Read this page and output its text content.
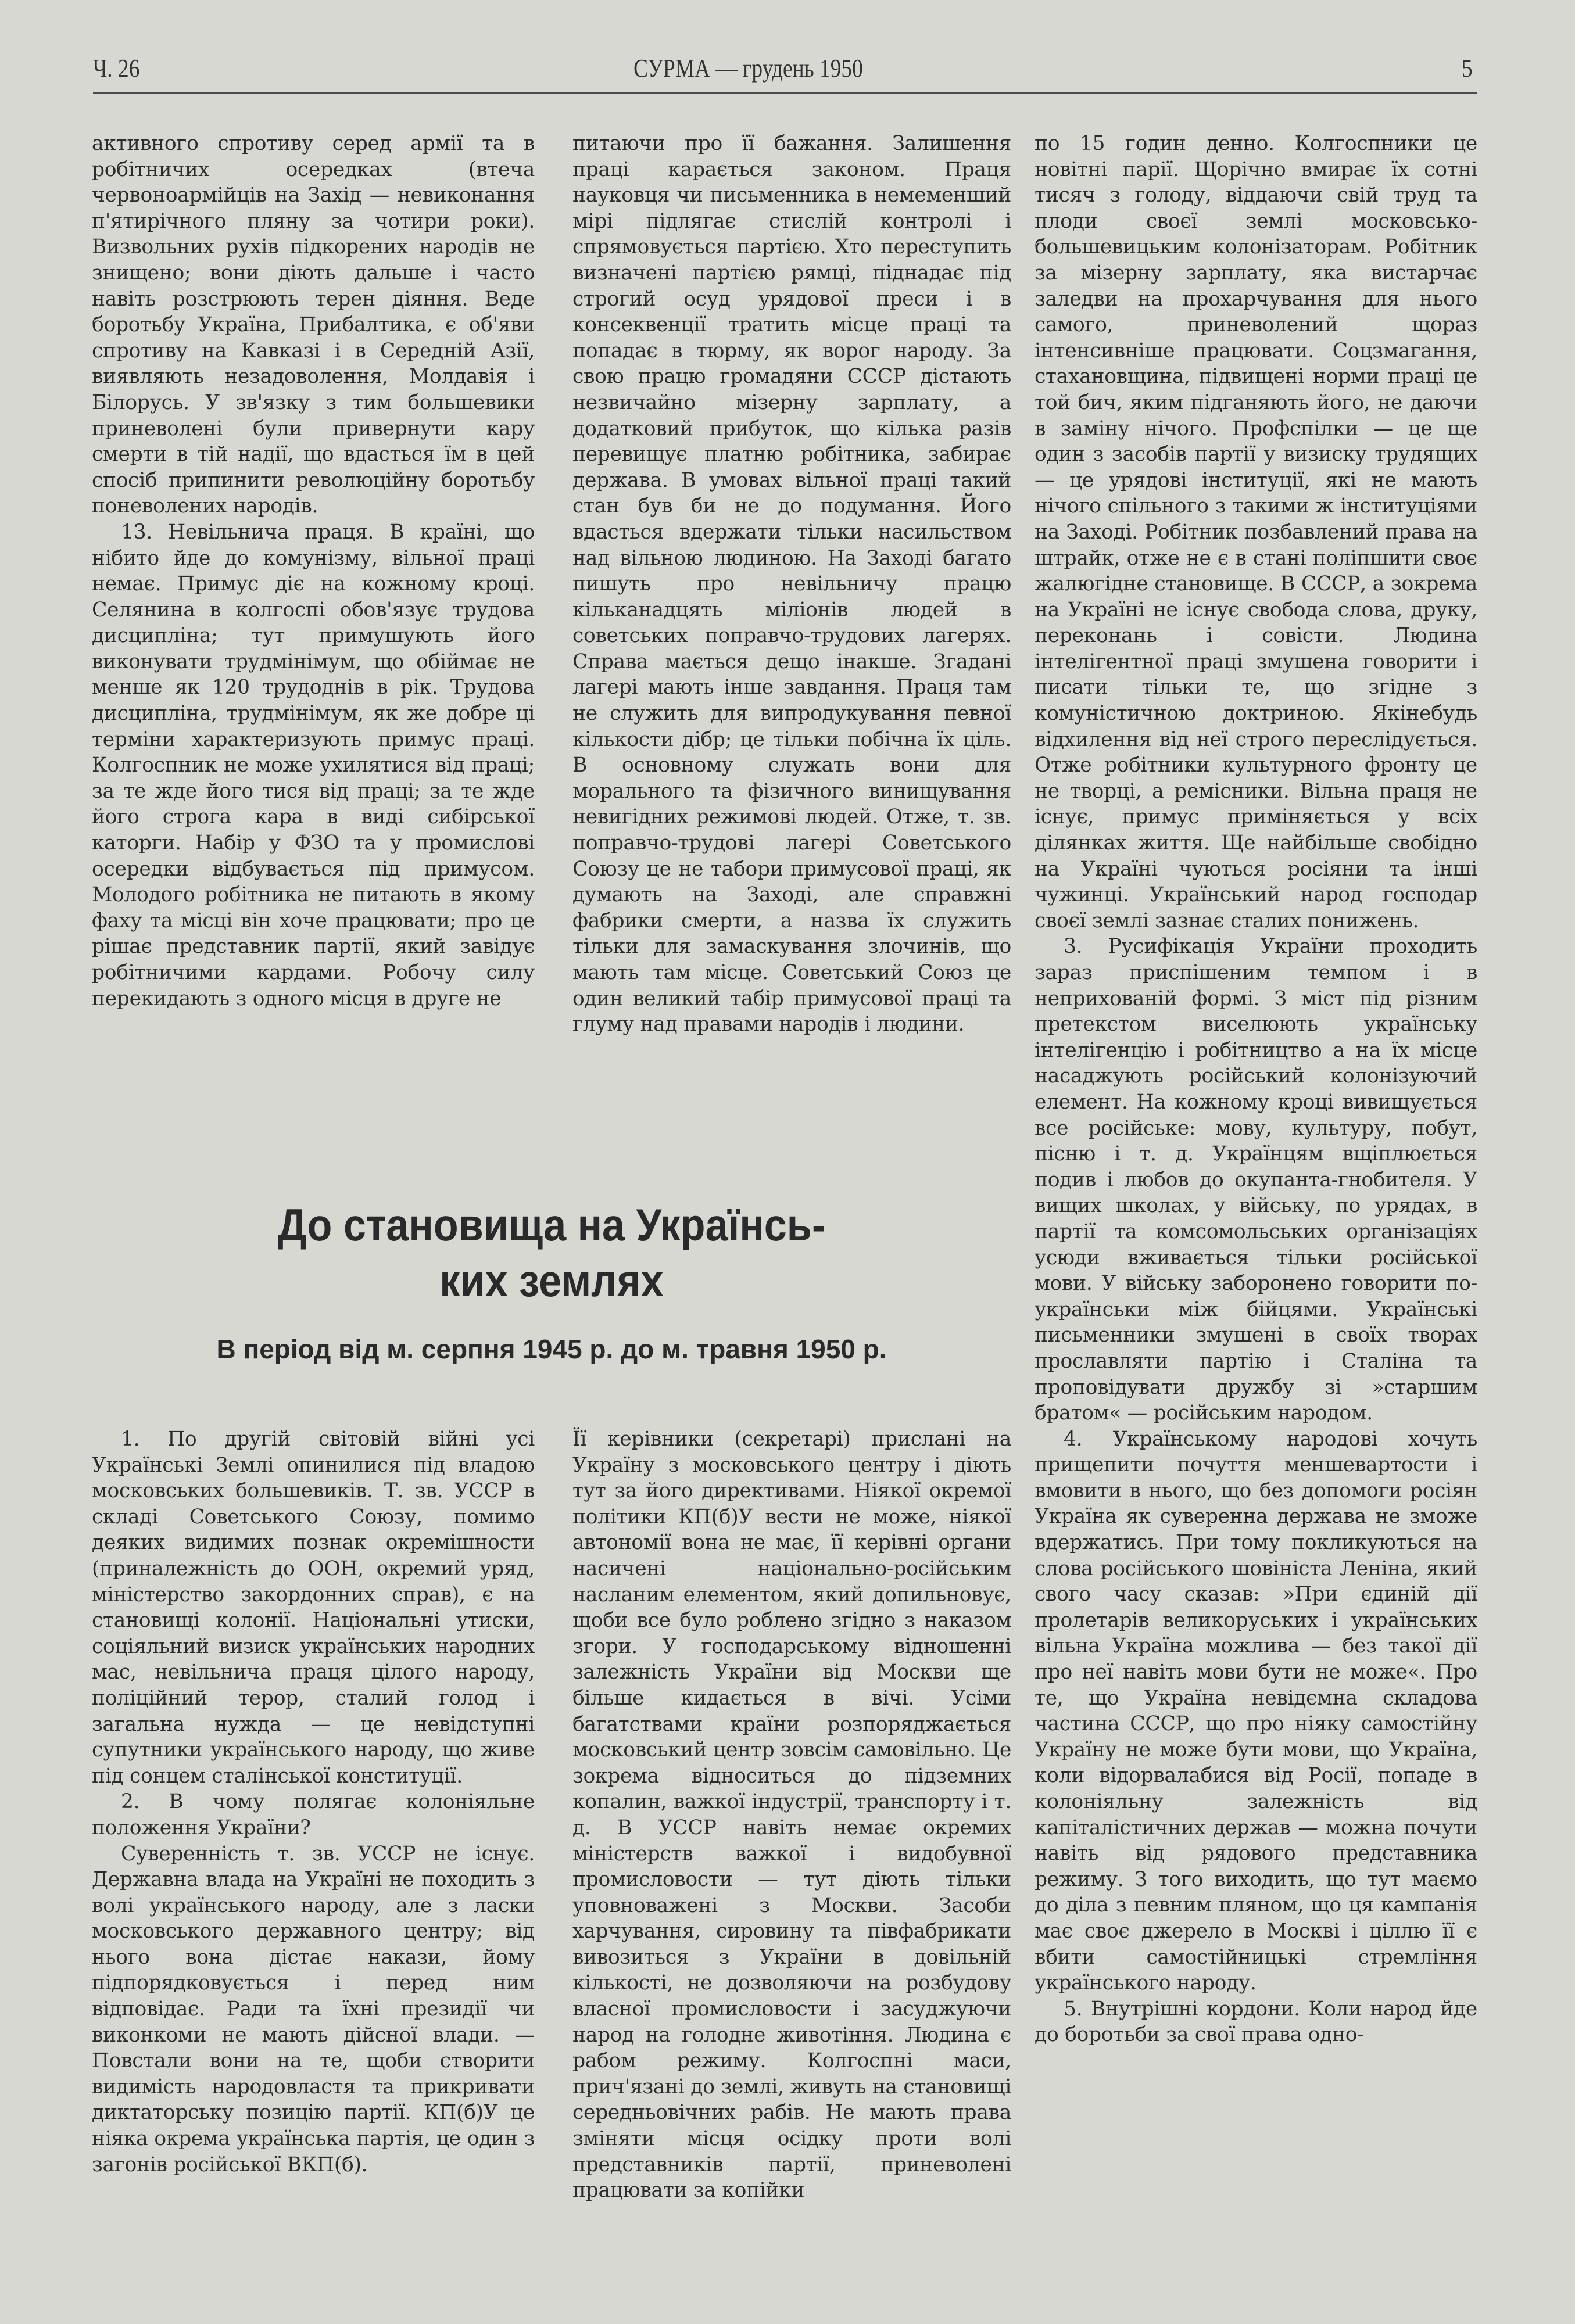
Ч. 26	СУРМА — грудень 1950	5

активного спротиву серед армії та в робітничих осередках (втеча червоноармійців на Захід — невиконання п'ятирічного пляну за чотири роки). Визвольних рухів підкорених народів не знищено; вони діють дальше і часто навіть розстрюють терен діяння. Веде боротьбу Україна, Прибалтика, є об'яви спротиву на Кавказі і в Середній Азії, виявляють незадоволення, Молдавія і Білорусь. У зв'язку з тим большевики приневолені були привернути кару смерти в тій надії, що вдасться їм в цей спосіб припинити революційну боротьбу поневолених народів.

13. Невільнича праця. В країні, що нібито йде до комунізму, вільної праці немає. Примус діє на кожному кроці. Селянина в колгоспі обов'язує трудова дисципліна; тут примушують його виконувати трудмінімум, що обіймає не менше як 120 трудоднів в рік. Трудова дисципліна, трудмінімум, як же добре ці терміни характеризують примус праці. Колгоспник не може ухилятися від праці; за те жде його тися від праці; за те жде його строга кара в виді сибірської каторги. Набір у ФЗО та у промислові осередки відбувається під примусом. Молодого робітника не питають в якому фаху та місці він хоче працювати; про це рішає представник партії, який завідує робітничими кардами. Робочу силу перекидають з одного місця в друге не

питаючи про її бажання. Залишення праці карається законом. Праця науковця чи письменника в немеменший мірі підлягає стислій контролі і спрямовується партією. Хто переступить визначені партією рямці, піднадає під строгий осуд урядової преси і в консеквенції тратить місце праці та попадає в тюрму, як ворог народу. За свою працю громадяни СССР дістають незвичайно мізерну зарплату, а додатковий прибуток, що кілька разів перевищує платню робітника, забирає держава. В умовах вільної праці такий стан був би не до подумання. Його вдасться вдержати тільки насильством над вільною людиною. На Заході багато пишуть про невільничу працю кільканадцять міліонів людей в советських поправчо-трудових лагерях. Справа мається дещо інакше. Згадані лагері мають інше завдання. Праця там не служить для випродукування певної кількости дібр; це тільки побічна їх ціль. В основному служать вони для морального та фізичного винищування невигідних режимові людей. Отже, т. зв. поправчо-трудові лагері Советського Союзу це не табори примусової праці, як думають на Заході, але справжні фабрики смерти, а назва їх служить тільки для замаскування злочинів, що мають там місце. Советський Союз це один великий табір примусової праці та глуму над правами народів і людини.

по 15 годин денно. Колгоспники це новітні парії. Щорічно вмирає їх сотні тисяч з голоду, віддаючи свій труд та плоди своєї землі московсько-большевицьким колонізаторам. Робітник за мізерну зарплату, яка вистарчає заледви на прохарчування для нього самого, приневолений щораз інтенсивніше працювати. Соцзмагання, стахановщина, підвищені норми праці це той бич, яким підганяють його, не даючи в заміну нічого. Профспілки — це ще один з засобів партії у визиску трудящих — це урядові інституції, які не мають нічого спільного з такими ж інституціями на Заході. Робітник позбавлений права на штрайк, отже не є в стані поліпшити своє жалюгідне становище. В СССР, а зокрема на Україні не існує свобода слова, друку, переконань і совісти. Людина інтелігентної праці змушена говорити і писати тільки те, що згідне з комуністичною доктриною. Якінебудь відхилення від неї строго переслідується. Отже робітники культурного фронту це не творці, а ремісники. Вільна праця не існує, примус приміняється у всіх ділянках життя. Ще найбільше свобідно на Україні чуються росіяни та інші чужинці. Український народ господар своєї землі зазнає сталих понижень.

3. Русифікація України проходить зараз приспішеним темпом і в неприхованій формі. З міст під різним претекстом виселюють українську інтелігенцію і робітництво а на їх місце насаджують російський колонізуючий елемент. На кожному кроці вивищується все російське: мову, культуру, побут, пісню і т. д. Українцям вщіплюється подив і любов до окупанта-гнобителя. У вищих школах, у війську, по урядах, в партії та комсомольських організаціях усюди вживається тільки російської мови. У війську заборонено говорити по-українськи між бійцями. Українські письменники змушені в своїх творах прославляти партію і Сталіна та проповідувати дружбу зі »старшим братом« — російським народом.

4. Українському народові хочуть прищепити почуття меншевартости і вмовити в нього, що без допомоги росіян Україна як суверенна держава не зможе вдержатись. При тому покликуються на слова російського шовініста Леніна, який свого часу сказав: »При єдиній дії пролетарів великоруських і українських вільна Україна можлива — без такої дії про неї навіть мови бути не може«. Про те, що Україна невідємна складова частина СССР, що про ніяку самостійну Україну не може бути мови, що Україна, коли відорвалабися від Росії, попаде в колоніяльну залежність від капіталістичних держав — можна почути навіть від рядового представника режиму. З того виходить, що тут маємо до діла з певним пляном, що ця кампанія має своє джерело в Москві і ціллю її є вбити самостійницькі стремління українського народу.

5. Внутрішні кордони. Коли народ йде до боротьби за свої права одно-

До становища на Українсь-
ких землях
В період від м. серпня 1945 р. до м. травня 1950 р.

1. По другій світовій війні усі Українські Землі опинилися під владою московських большевиків. Т. зв. УССР в складі Советського Союзу, помимо деяких видимих познак окремішности (приналежність до ООН, окремий уряд, міністерство закордонних справ), є на становищі колонії. Національні утиски, соціяльний визиск українських народних мас, невільнича праця цілого народу, поліційний терор, сталий голод і загальна нужда — це невідступні супутники українського народу, що живе під сонцем сталінської конституції.

2. В чому полягає колоніяльне положення України?

Суверенність т. зв. УССР не існує. Державна влада на Україні не походить з волі українського народу, але з ласки московського державного центру; від нього вона дістає накази, йому підпорядковується і перед ним відповідає. Ради та їхні президії чи виконкоми не мають дійсної влади. — Повстали вони на те, щоби створити видимість народовластя та прикривати диктаторську позицію партії. КП(б)У це ніяка окрема українська партія, це один з загонів російської ВКП(б).

Її керівники (секретарі) прислані на Україну з московського центру і діють тут за його директивами. Ніякої окремої політики КП(б)У вести не може, ніякої автономії вона не має, її керівні органи насичені національно-російським насланим елементом, який допильновує, щоби все було роблено згідно з наказом згори. У господарському відношенні залежність України від Москви ще більше кидається в вічі. Усіми багатствами країни розпоряджається московський центр зовсім самовільно. Це зокрема відноситься до підземних копалин, важкої індустрії, транспорту і т. д. В УССР навіть немає окремих міністерств важкої і видобувної промисловости — тут діють тільки уповноважені з Москви. Засоби харчування, сировину та півфабрикати вивозиться з України в довільній кількості, не дозволяючи на розбудову власної промисловости і засуджуючи народ на голодне животіння. Людина є рабом режиму. Колгоспні маси, прич'язані до землі, живуть на становищі середньовічних рабів. Не мають права зміняти місця осідку проти волі представників партії, приневолені працювати за копійки
